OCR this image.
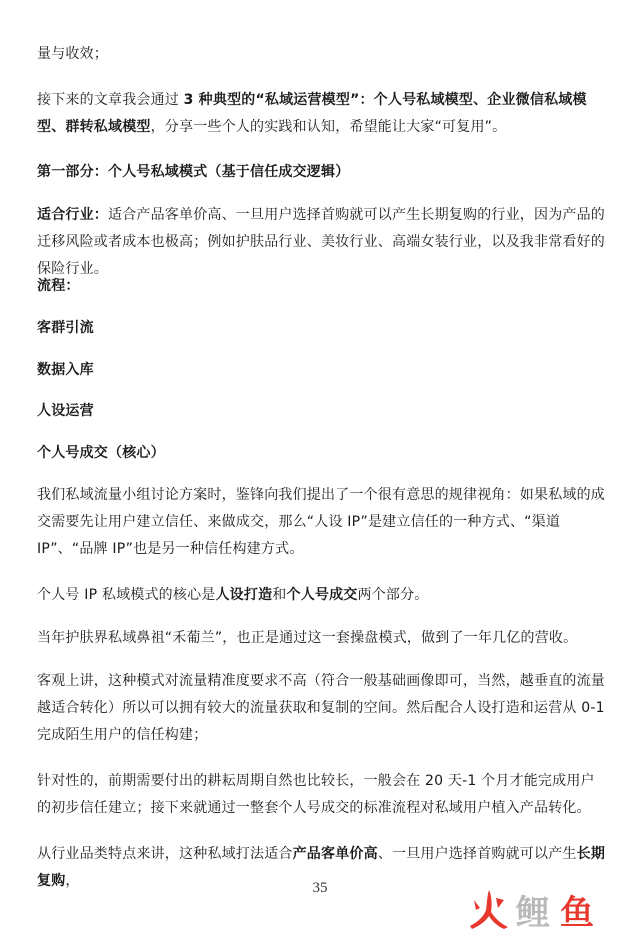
量与收效；
接下来的文章我会通过 3 种典型的“私域运营模型”：个人号私域模型、企业微信私域模型、群转私域模型，分享一些个人的实践和认知，希望能让大家“可复用”。
第一部分：个人号私域模式（基于信任成交逻辑）
适合行业：适合产品客单价高、一旦用户选择首购就可以产生长期复购的行业，因为产品的迁移风险或者成本也极高；例如护肤品行业、美妆行业、高端女装行业，以及我非常看好的保险行业。
流程：
客群引流
数据入库
人设运营
个人号成交（核心）
我们私域流量小组讨论方案时，鉴锋向我们提出了一个很有意思的规律视角：如果私域的成交需要先让用户建立信任、来做成交，那么“人设 IP”是建立信任的一种方式、“渠道 IP”、“品牌 IP”也是另一种信任构建方式。
个人号 IP 私域模式的核心是人设打造和个人号成交两个部分。
当年护肤界私域鼻祖“禾葡兰”，也正是通过这一套操盘模式，做到了一年几亿的营收。
客观上讲，这种模式对流量精准度要求不高（符合一般基础画像即可，当然，越垂直的流量越适合转化）所以可以拥有较大的流量获取和复制的空间。然后配合人设打造和运营从 0-1 完成陌生用户的信任构建；
针对性的，前期需要付出的耕耘周期自然也比较长，一般会在 20 天-1 个月才能完成用户的初步信任建立；接下来就通过一整套个人号成交的标准流程对私域用户植入产品转化。
从行业品类特点来讲，这种私域打法适合产品客单价高、一旦用户选择首购就可以产生长期复购，	35
鲤 鱼
